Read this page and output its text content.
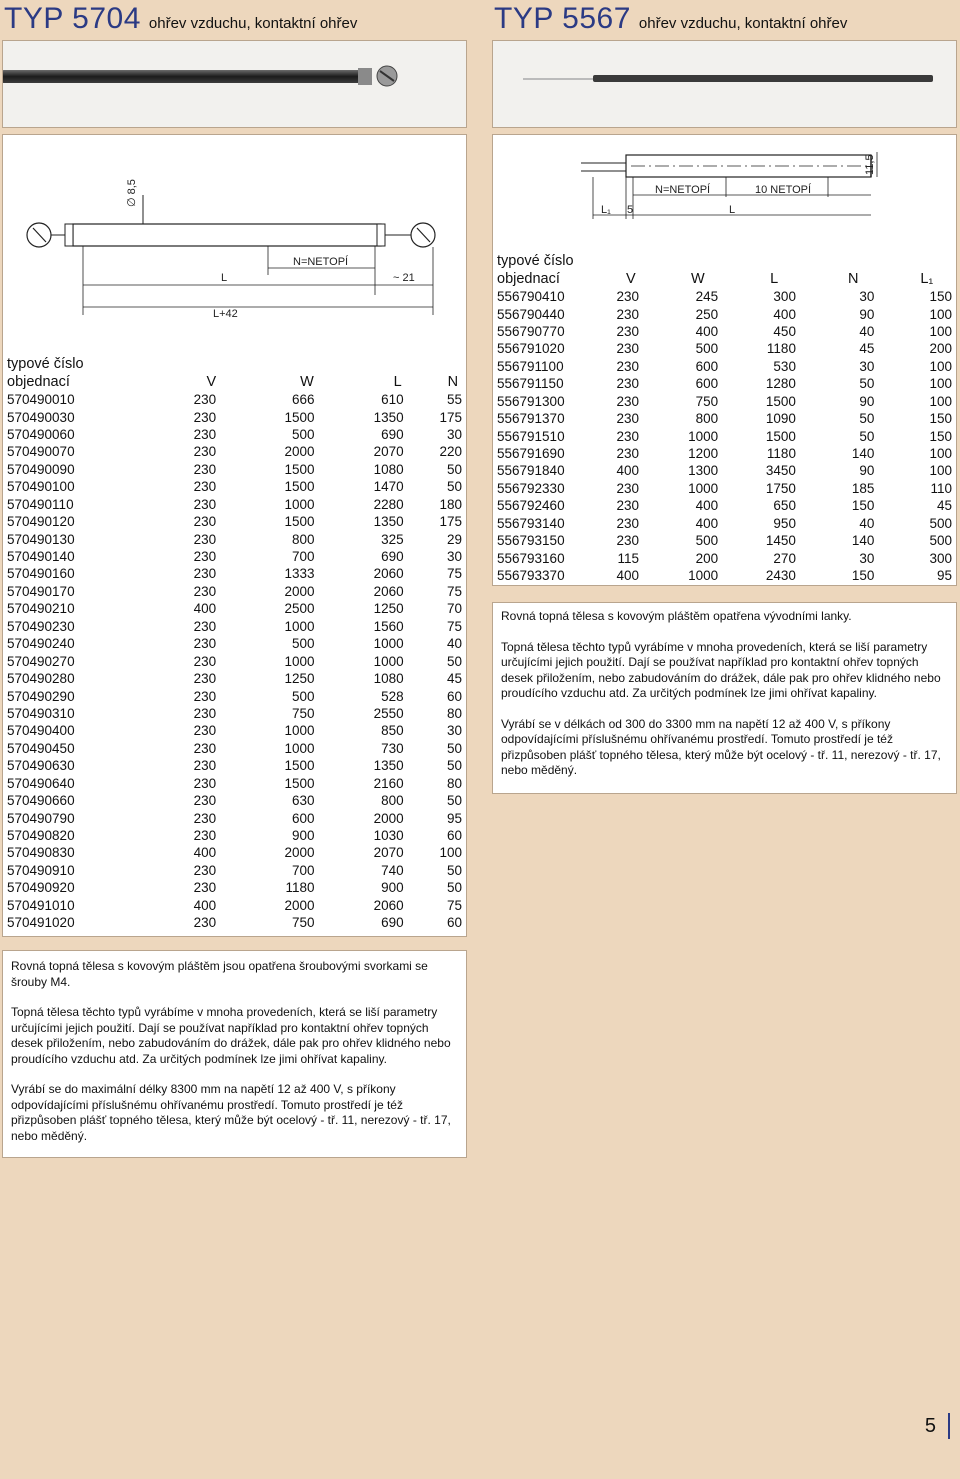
TYP 5704 ohřev vzduchu, kontaktní ohřev	TYP 5567 ohřev vzduchu, kontaktní ohřev
∅ 8,5
L
N=NETOPÍ
~ 21
L+42
typové číslo				
objednací	V	W	L	N
570490010	230	666	610	55
570490030	230	1500	1350	175
570490060	230	500	690	30
570490070	230	2000	2070	220
570490090	230	1500	1080	50
570490100	230	1500	1470	50
570490110	230	1000	2280	180
570490120	230	1500	1350	175
570490130	230	800	325	29
570490140	230	700	690	30
570490160	230	1333	2060	75
570490170	230	2000	2060	75
570490210	400	2500	1250	70
570490230	230	1000	1560	75
570490240	230	500	1000	40
570490270	230	1000	1000	50
570490280	230	1250	1080	45
570490290	230	500	528	60
570490310	230	750	2550	80
570490400	230	1000	850	30
570490450	230	1000	730	50
570490630	230	1500	1350	50
570490640	230	1500	2160	80
570490660	230	630	800	50
570490790	230	600	2000	95
570490820	230	900	1030	60
570490830	400	2000	2070	100
570490910	230	700	740	50
570490920	230	1180	900	50
570491010	400	2000	2060	75
570491020	230	750	690	60
11,5
N=NETOPÍ	10 NETOPÍ
L₁ 5	L
typové číslo					
objednací	V	W	L	N	L₁
556790410	230	245	300	30	150
556790440	230	250	400	90	100
556790770	230	400	450	40	100
556791020	230	500	1180	45	200
556791100	230	600	530	30	100
556791150	230	600	1280	50	100
556791300	230	750	1500	90	100
556791370	230	800	1090	50	150
556791510	230	1000	1500	50	150
556791690	230	1200	1180	140	100
556791840	400	1300	3450	90	100
556792330	230	1000	1750	185	110
556792460	230	400	650	150	45
556793140	230	400	950	40	500
556793150	230	500	1450	140	500
556793160	115	200	270	30	300
556793370	400	1000	2430	150	95

Rovná topná tělesa s kovovým pláštěm opatřena vývodními lanky.

Topná tělesa těchto typů vyrábíme v mnoha provedeních, která se liší parametry určujícími jejich použití. Dají se používat například pro kontaktní ohřev topných desek přiložením, nebo zabudováním do drážek, dále pak pro ohřev klidného nebo proudícího vzduchu atd. Za určitých podmínek lze jimi ohřívat kapaliny.

Vyrábí se v délkách od 300 do 3300 mm na napětí 12 až 400 V, s příkony odpovídajícími příslušnému ohřívanému prostředí. Tomuto prostředí je též přizpůsoben plášť topného tělesa, který může být ocelový - tř. 11, nerezový - tř. 17, nebo měděný.

Rovná topná tělesa s kovovým pláštěm jsou opatřena šroubovými svorkami se šrouby M4.

Topná tělesa těchto typů vyrábíme v mnoha provedeních, která se liší parametry určujícími jejich použití. Dají se používat například pro kontaktní ohřev topných desek přiložením, nebo zabudováním do drážek, dále pak pro ohřev klidného nebo proudícího vzduchu atd. Za určitých podmínek lze jimi ohřívat kapaliny.

Vyrábí se do maximální délky 8300 mm na napětí 12 až 400 V, s příkony odpovídajícími příslušnému ohřívanému prostředí. Tomuto prostředí je též přizpůsoben plášť topného tělesa, který může být ocelový - tř. 11, nerezový - tř. 17, nebo měděný.

5
